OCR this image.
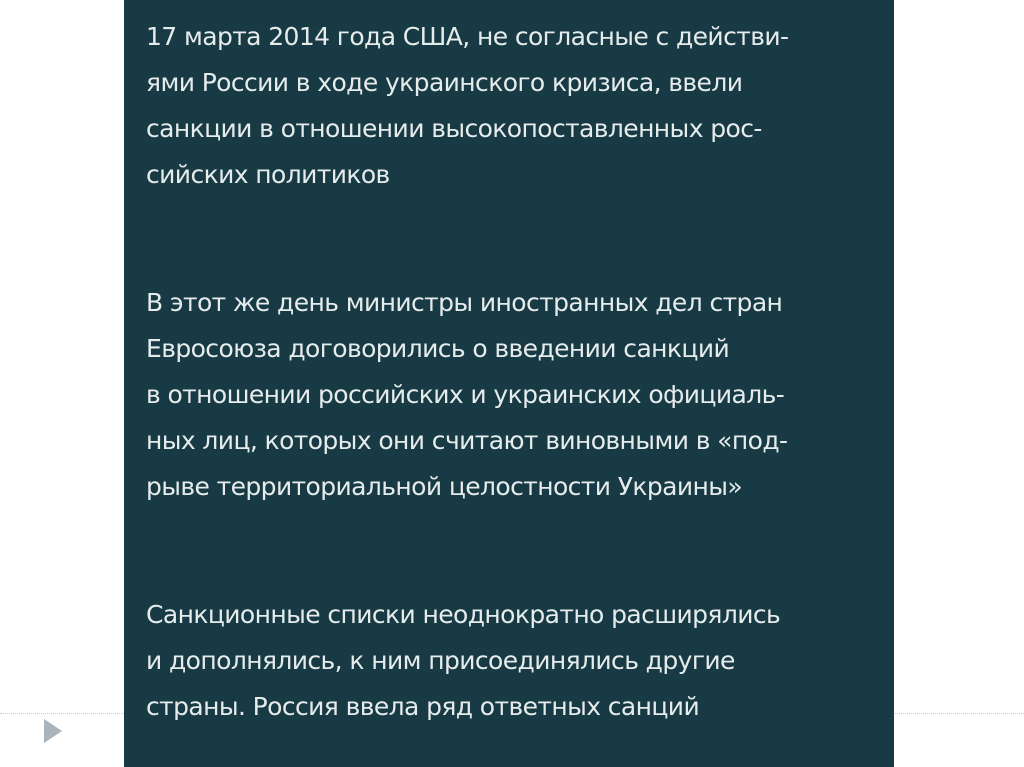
17 марта 2014 года США, не согласные с действи-
ями России в ходе украинского кризиса, ввели
санкции в отношении высокопоставленных рос-
сийских политиков

В этот же день министры иностранных дел стран
Евросоюза договорились о введении санкций
в отношении российских и украинских официаль-
ных лиц, которых они считают виновными в «под-
рыве территориальной целостности Украины»

Санкционные списки неоднократно расширялись
и дополнялись, к ним присоединялись другие
страны. Россия ввела ряд ответных санций
